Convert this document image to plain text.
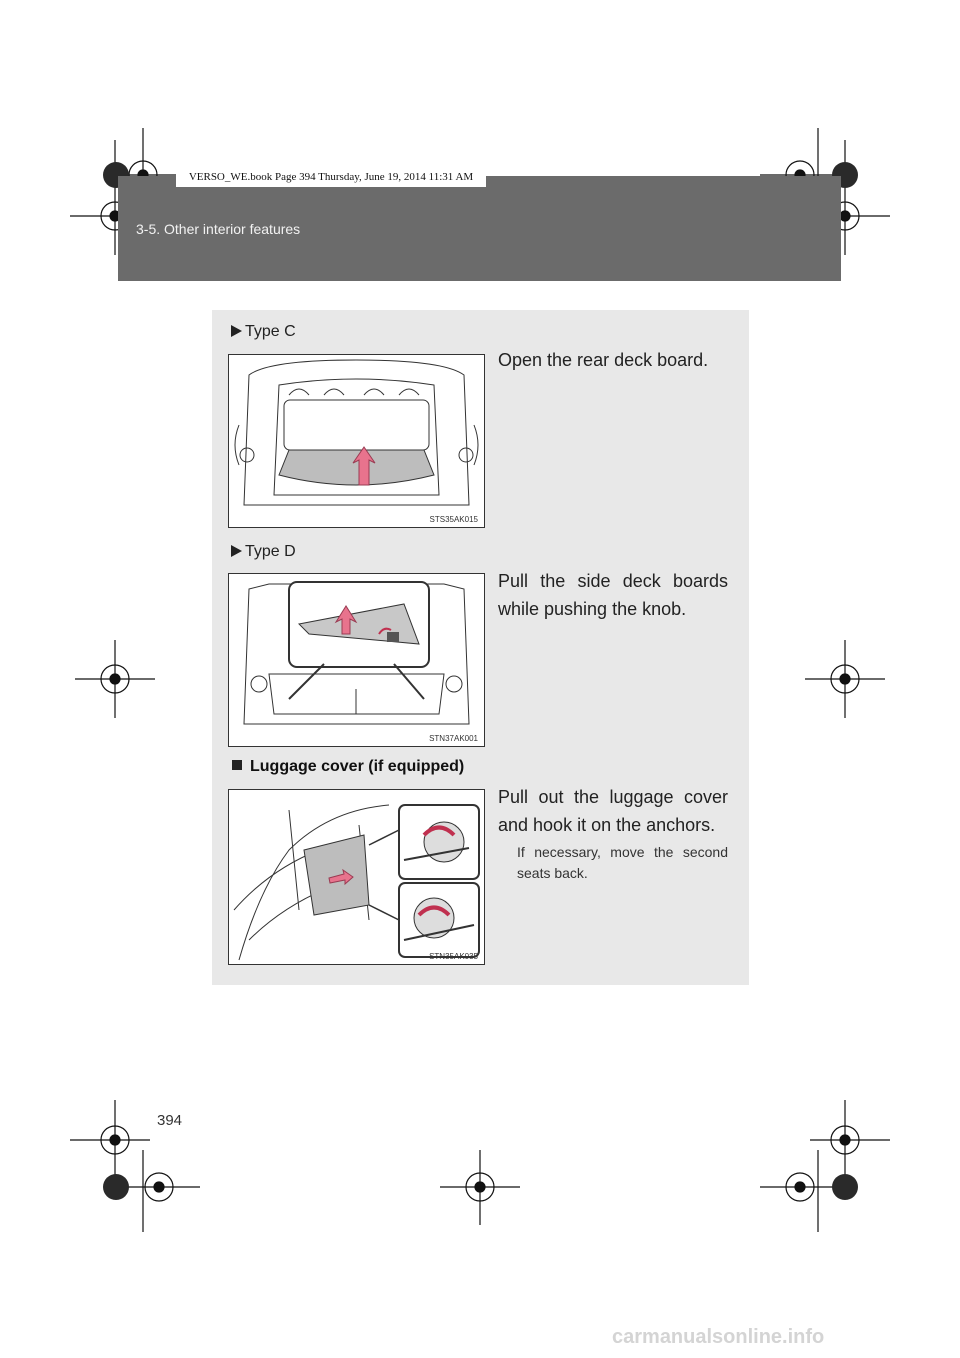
3-5. Other interior features
VERSO_WE.book Page 394 Thursday, June 19, 2014 11:31 AM
Type C
STS35AK015
Open the rear deck board.
Type D
STN37AK001
Pull the side deck boards while pushing the knob.
Luggage cover (if equipped)
STN35AK035
Pull out the luggage cover and hook it on the anchors.
If necessary, move the second seats back.
394
carmanualsonline.info
